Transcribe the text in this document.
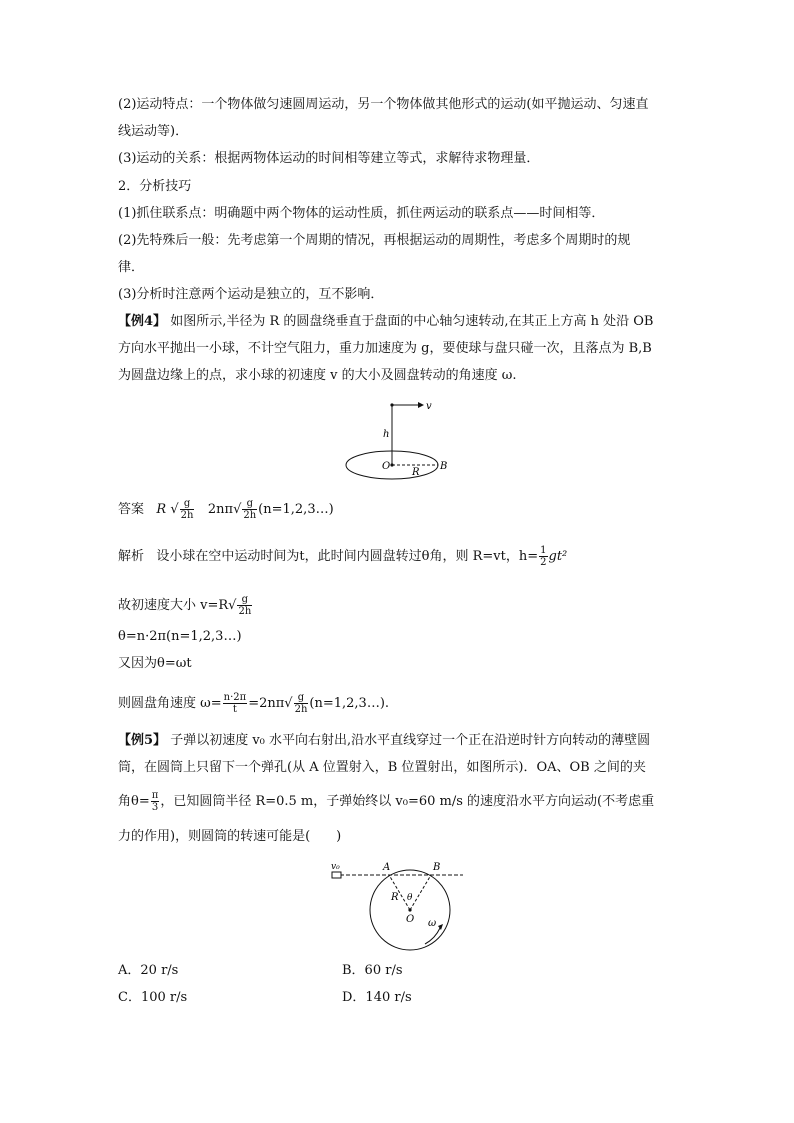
(2)运动特点：一个物体做匀速圆周运动，另一个物体做其他形式的运动(如平抛运动、匀速直
线运动等)．
(3)运动的关系：根据两物体运动的时间相等建立等式，求解待求物理量．
2．分析技巧
(1)抓住联系点：明确题中两个物体的运动性质，抓住两运动的联系点——时间相等．
(2)先特殊后一般：先考虑第一个周期的情况，再根据运动的周期性，考虑多个周期时的规
律．
(3)分析时注意两个运动是独立的，互不影响．
【例4】 如图所示,半径为 R 的圆盘绕垂直于盘面的中心轴匀速转动,在其正上方高 h 处沿 OB
方向水平抛出一小球，不计空气阻力，重力加速度为 g，要使球与盘只碰一次，且落点为 B,B
为圆盘边缘上的点，求小球的初速度 v 的大小及圆盘转动的角速度 ω.
v
h
O
R
B
答案 R √ $\frac{g}{2h} 2n\pi√ \frac{g}{2h}$ (n=1,2,3…)
解析 设小球在空中运动时间为t，此时间内圆盘转过θ角，则 R=vt，$h= \frac{1}{2} gt^2$
故初速度大小 $v=R√ \frac{g}{2h}$
θ=n·2π(n=1,2,3…)
又因为θ=ωt
则圆盘角速度 $\omega= \frac{n\cdot 2\pi}{t} =2n\pi√ \frac{g}{2h}$ (n=1,2,3…).
【例5】 子弹以初速度 v₀ 水平向右射出,沿水平直线穿过一个正在沿逆时针方向转动的薄壁圆
筒，在圆筒上只留下一个弹孔(从 A 位置射入，B 位置射出，如图所示)．OA、OB 之间的夹
角$\theta= \frac{\pi}{3}$ ，已知圆筒半径 R=0.5 m，子弹始终以 v₀=60 m/s 的速度沿水平方向运动(不考虑重
力的作用)，则圆筒的转速可能是(　　)
v₀	A	B
R θ
O ω
A．20 r/s	B．60 r/s
C．100 r/s	D．140 r/s
